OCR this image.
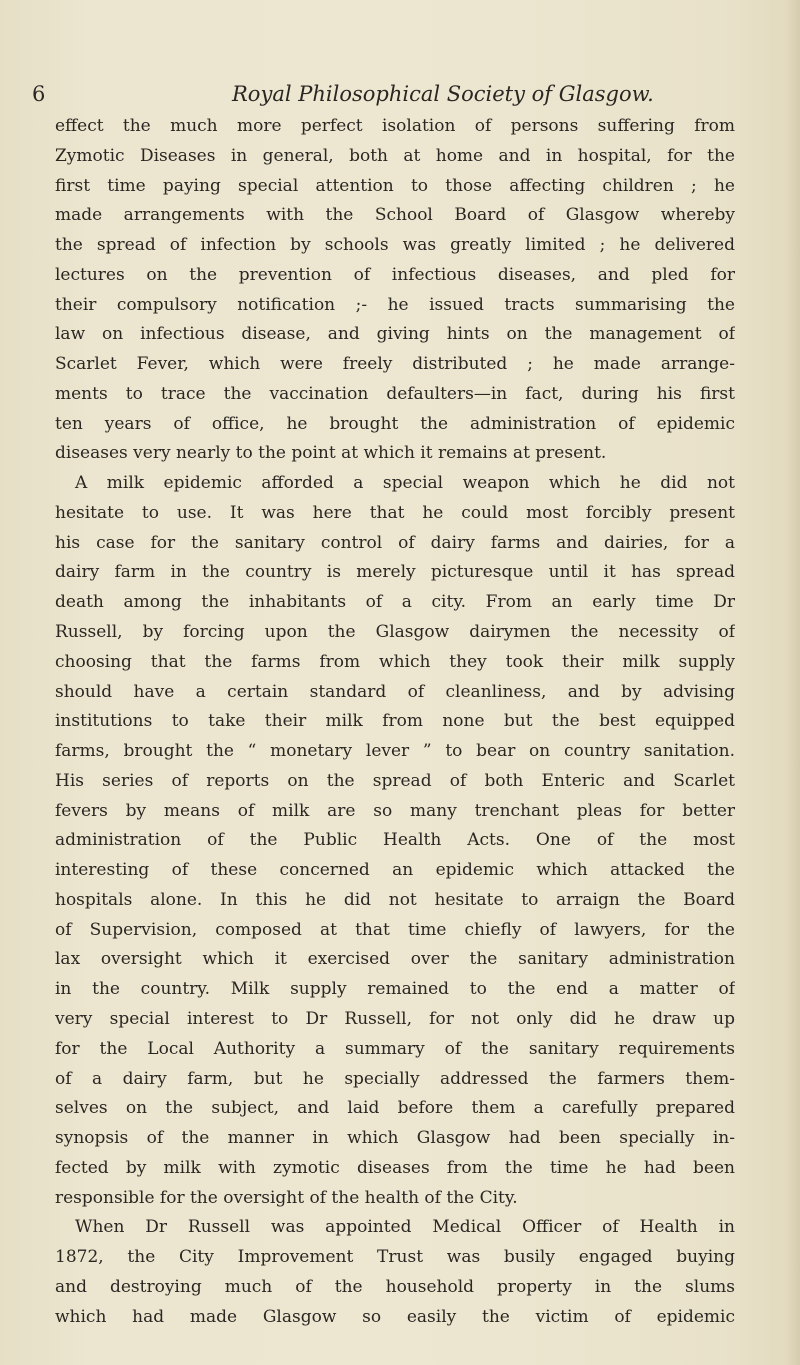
6	Royal Philosophical Society of Glasgow.
effect the much more perfect isolation of persons suffering from
Zymotic Diseases in general, both at home and in hospital, for the
first time paying special attention to those affecting children ; he
made arrangements with the School Board of Glasgow whereby
the spread of infection by schools was greatly limited ; he delivered
lectures on the prevention of infectious diseases, and pled for
their compulsory notification ;- he issued tracts summarising the
law on infectious disease, and giving hints on the management of
Scarlet Fever, which were freely distributed ; he made arrange-
ments to trace the vaccination defaulters—in fact, during his first
ten years of office, he brought the administration of epidemic
diseases very nearly to the point at which it remains at present.
A milk epidemic afforded a special weapon which he did not
hesitate to use. It was here that he could most forcibly present
his case for the sanitary control of dairy farms and dairies, for a
dairy farm in the country is merely picturesque until it has spread
death among the inhabitants of a city. From an early time Dr
Russell, by forcing upon the Glasgow dairymen the necessity of
choosing that the farms from which they took their milk supply
should have a certain standard of cleanliness, and by advising
institutions to take their milk from none but the best equipped
farms, brought the “ monetary lever ” to bear on country sanitation.
His series of reports on the spread of both Enteric and Scarlet
fevers by means of milk are so many trenchant pleas for better
administration of the Public Health Acts. One of the most
interesting of these concerned an epidemic which attacked the
hospitals alone. In this he did not hesitate to arraign the Board
of Supervision, composed at that time chiefly of lawyers, for the
lax oversight which it exercised over the sanitary administration
in the country. Milk supply remained to the end a matter of
very special interest to Dr Russell, for not only did he draw up
for the Local Authority a summary of the sanitary requirements
of a dairy farm, but he specially addressed the farmers them-
selves on the subject, and laid before them a carefully prepared
synopsis of the manner in which Glasgow had been specially in-
fected by milk with zymotic diseases from the time he had been
responsible for the oversight of the health of the City.
When Dr Russell was appointed Medical Officer of Health in
1872, the City Improvement Trust was busily engaged buying
and destroying much of the household property in the slums
which had made Glasgow so easily the victim of epidemic
